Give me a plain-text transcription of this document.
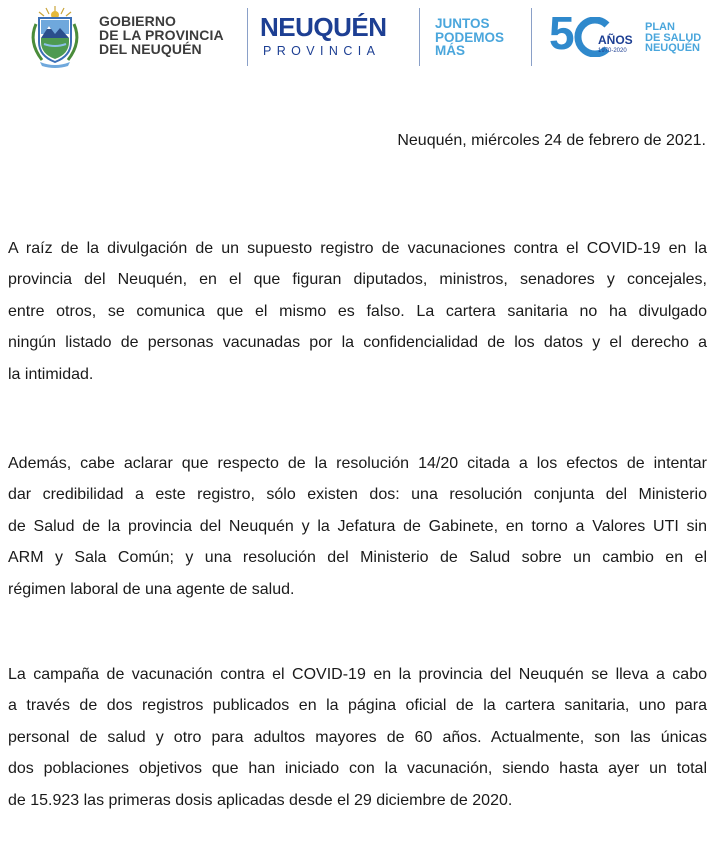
GOBIERNO
DE LA PROVINCIA
DEL NEUQUÉN
NEUQUÉN
PROVINCIA
JUNTOS
PODEMOS
MÁS	5 AÑOS
1970-2020
PLAN
DE SALUD
NEUQUÉN
Neuquén, miércoles 24 de febrero de 2021.
A raíz de la divulgación de un supuesto registro de vacunaciones contra el COVID-19 en la
provincia del Neuquén, en el que figuran diputados, ministros, senadores y concejales,
entre otros, se comunica que el mismo es falso. La cartera sanitaria no ha divulgado
ningún listado de personas vacunadas por la confidencialidad de los datos y el derecho a
la intimidad.
Además, cabe aclarar que respecto de la resolución 14/20 citada a los efectos de intentar
dar credibilidad a este registro, sólo existen dos: una resolución conjunta del Ministerio
de Salud de la provincia del Neuquén y la Jefatura de Gabinete, en torno a Valores UTI sin
ARM y Sala Común; y una resolución del Ministerio de Salud sobre un cambio en el
régimen laboral de una agente de salud.
La campaña de vacunación contra el COVID-19 en la provincia del Neuquén se lleva a cabo
a través de dos registros publicados en la página oficial de la cartera sanitaria, uno para
personal de salud y otro para adultos mayores de 60 años. Actualmente, son las únicas
dos poblaciones objetivos que han iniciado con la vacunación, siendo hasta ayer un total
de 15.923 las primeras dosis aplicadas desde el 29 diciembre de 2020.
